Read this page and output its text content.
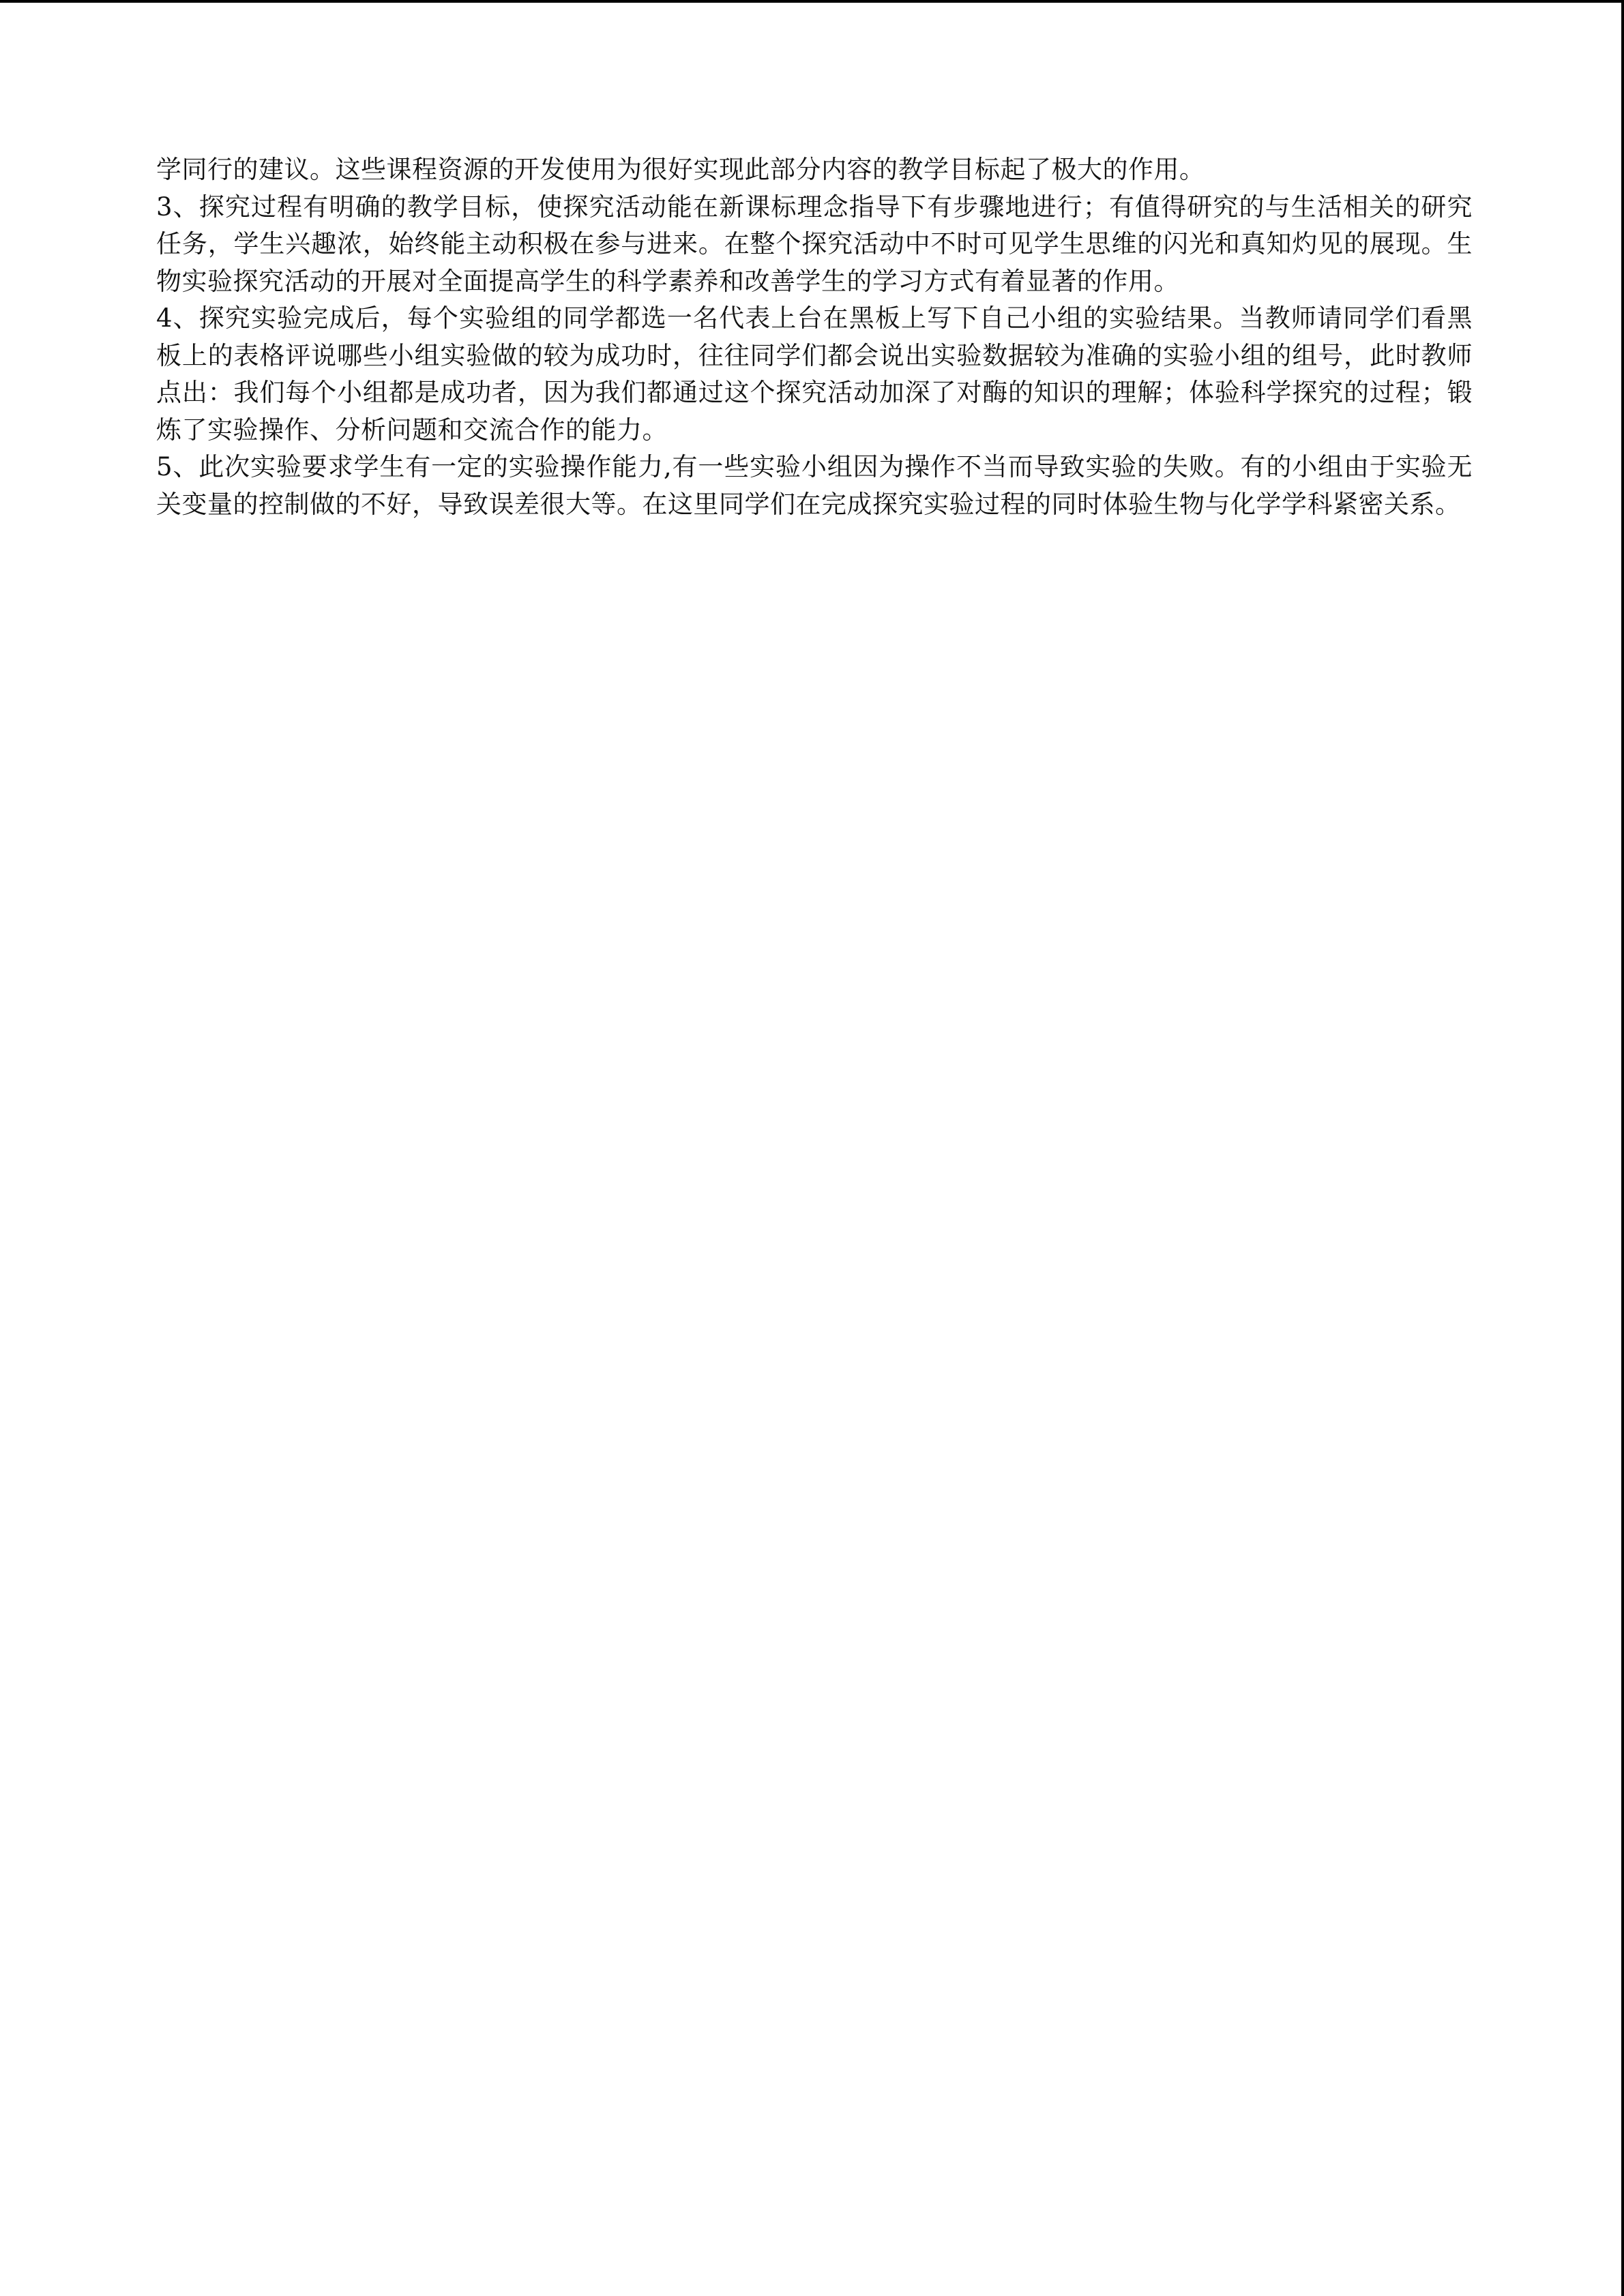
学同行的建议。这些课程资源的开发使用为很好实现此部分内容的教学目标起了极大的作用。

3、探究过程有明确的教学目标，使探究活动能在新课标理念指导下有步骤地进行；有值得研究的与生活相关的研究任务，学生兴趣浓，始终能主动积极在参与进来。在整个探究活动中不时可见学生思维的闪光和真知灼见的展现。生物实验探究活动的开展对全面提高学生的科学素养和改善学生的学习方式有着显著的作用。

4、探究实验完成后，每个实验组的同学都选一名代表上台在黑板上写下自己小组的实验结果。当教师请同学们看黑板上的表格评说哪些小组实验做的较为成功时，往往同学们都会说出实验数据较为准确的实验小组的组号，此时教师点出：我们每个小组都是成功者，因为我们都通过这个探究活动加深了对酶的知识的理解；体验科学探究的过程；锻炼了实验操作、分析问题和交流合作的能力。

5、此次实验要求学生有一定的实验操作能力,有一些实验小组因为操作不当而导致实验的失败。有的小组由于实验无关变量的控制做的不好，导致误差很大等。在这里同学们在完成探究实验过程的同时体验生物与化学学科紧密关系。
